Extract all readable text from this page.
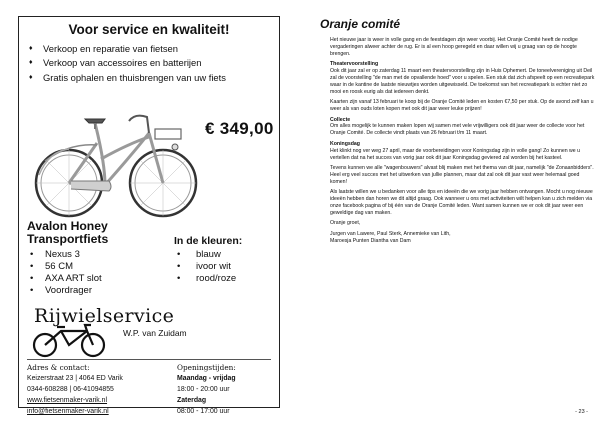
Voor service en kwaliteit!
♦ Verkoop en reparatie van fietsen
♦ Verkoop van accessoires en batterijen
♦ Gratis ophalen en thuisbrengen van uw fiets
€ 349,00
Avalon Honey
Transportfiets
• Nexus 3
• 56 CM
• AXA ART slot
• Voordrager
In de kleuren:
• blauw
• ivoor wit
• rood/roze
Rijwielservice
W.P. van Zuidam
Adres & contact:
Keizerstraat 23 | 4064 ED Varik
0344-608288 | 06-41094855
www.fietsenmaker-varik.nl
info@fietsenmaker-varik.nl
Openingstijden:
Maandag - vrijdag
18:00 - 20:00 uur
Zaterdag
08:00 - 17:00 uur
Oranje comité

Het nieuwe jaar is weer in volle gang en de feestdagen zijn weer voorbij. Het Oranje Comité heeft de nodige vergaderingen alweer achter de rug. Er is al een hoop geregeld en daar willen wij u graag van op de hoogte brengen.

Theatervoorstelling
Ook dit jaar zal er op zaterdag 11 maart een theatervoorstelling zijn in Huis Ophemert. De toneelvereniging uit Deil zal de voorstelling "de man met de opvallende hoed" voor u spelen. Een stuk dat zich afspeelt op een recreatiepark waar in de kantine de laatste nieuwtjes worden uitgewisseld. De toekomst van het recreatiepark is echter niet zo mooi en roosk eurig als dat iedereen denkt.

Kaarten zijn vanaf 13 februari te koop bij de Oranje Comité leden en kosten €7,50 per stuk. Op de avond zelf kan u weer als van ouds loten kopen met ook dit jaar weer leuke prijzen!

Collecte
Om alles mogelijk te kunnen maken lopen wij samen met vele vrijwilligers ook dit jaar weer de collecte voor het Oranje Comité. De collecte vindt plaats van 26 februari t/m 11 maart.

Koningsdag
Het klinkt nog ver weg 27 april, maar de voorbereidingen voor Koningsdag zijn in volle gang! Zo kunnen we u vertellen dat na het succes van vorig jaar ook dit jaar Koningsdag geviered zal worden bij het kasteel.

Tevens kunnen we alle "wagenbouwers" alvast blij maken met het thema van dit jaar, namelijk "de Zonaanbidders". Heel erg veel succes met het uitwerken van jullie plannen, maar dat zal ook dit jaar vast weer helemaal goed komen!

Als laatste willen we u bedanken voor alle tips en ideeën die we vorig jaar hebben ontvangen. Mocht u nog nieuwe ideeën hebben dan horen we dit altijd graag. Ook wanneer u ons met activiteiten wilt helpen kan u zich melden via onze facebook pagina of bij één van de Oranje Comité leden. Want samen kunnen we er ook dit jaar weer een geweldige dag van maken.

Oranje groet,

Jurgen van Lawere, Paul Sterk, Annemieke van Lith,
Maroesja Punten Diantha van Dam

- 23 -
